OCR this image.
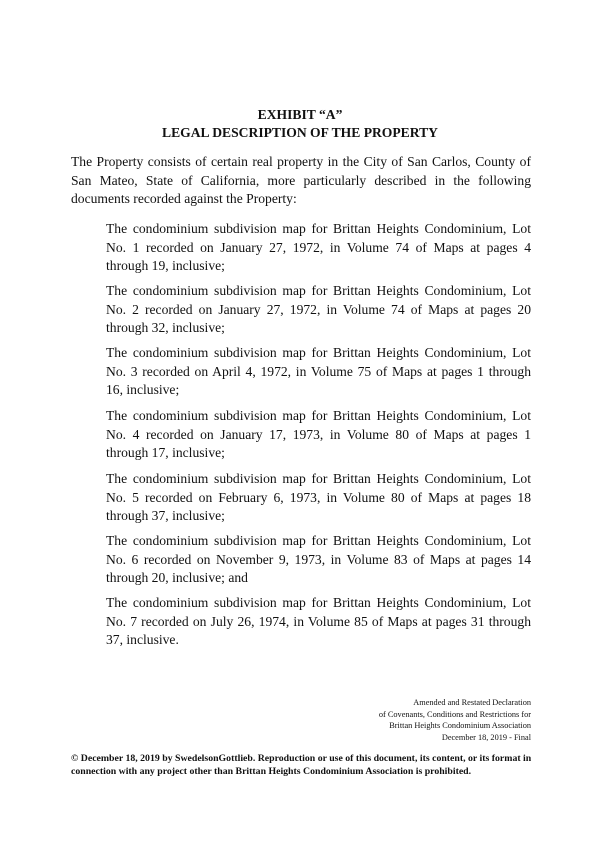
EXHIBIT “A”
LEGAL DESCRIPTION OF THE PROPERTY
The Property consists of certain real property in the City of San Carlos, County of San Mateo, State of California, more particularly described in the following documents recorded against the Property:
The condominium subdivision map for Brittan Heights Condominium, Lot No. 1 recorded on January 27, 1972, in Volume 74 of Maps at pages 4 through 19, inclusive;
The condominium subdivision map for Brittan Heights Condominium, Lot No. 2 recorded on January 27, 1972, in Volume 74 of Maps at pages 20 through 32, inclusive;
The condominium subdivision map for Brittan Heights Condominium, Lot No. 3 recorded on April 4, 1972, in Volume 75 of Maps at pages 1 through 16, inclusive;
The condominium subdivision map for Brittan Heights Condominium, Lot No. 4 recorded on January 17, 1973, in Volume 80 of Maps at pages 1 through 17, inclusive;
The condominium subdivision map for Brittan Heights Condominium, Lot No. 5 recorded on February 6, 1973, in Volume 80 of Maps at pages 18 through 37, inclusive;
The condominium subdivision map for Brittan Heights Condominium, Lot No. 6 recorded on November 9, 1973, in Volume 83 of Maps at pages 14 through 20, inclusive; and
The condominium subdivision map for Brittan Heights Condominium, Lot No. 7 recorded on July 26, 1974, in Volume 85 of Maps at pages 31 through 37, inclusive.
Amended and Restated Declaration
of Covenants, Conditions and Restrictions for
Brittan Heights Condominium Association
December 18, 2019 - Final
© December 18, 2019 by SwedelsonGottlieb. Reproduction or use of this document, its content, or its format in connection with any project other than Brittan Heights Condominium Association is prohibited.
